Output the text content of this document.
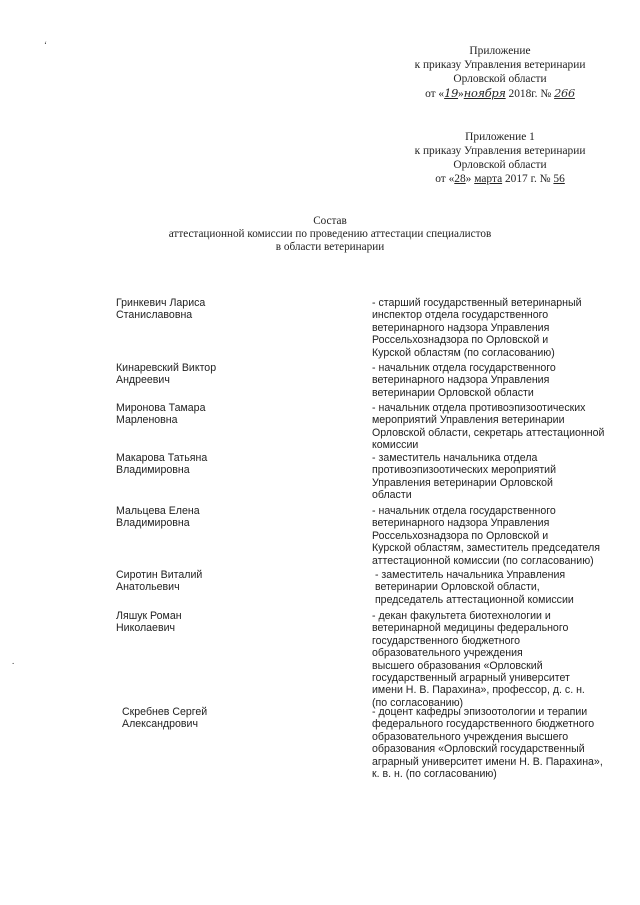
ʻ
.
Приложение
к приказу Управления ветеринарии
Орловской области
от «19»ноября 2018г. № 266
Приложение 1
к приказу Управления ветеринарии
Орловской области
от «28» марта 2017 г. № 56
Состав
аттестационной комиссии по проведению аттестации специалистов
в области ветеринарии
Гринкевич Лариса
Станиславовна
- старший государственный ветеринарный
инспектор отдела государственного
ветеринарного надзора Управления
Россельхознадзора по Орловской и
Курской областям (по согласованию)
Кинаревский Виктор
Андреевич
- начальник отдела государственного
ветеринарного надзора Управления
ветеринарии Орловской области
Миронова Тамара
Марленовна
- начальник отдела противоэпизоотических
мероприятий Управления ветеринарии
Орловской области, секретарь аттестационной
комиссии
Макарова Татьяна
Владимировна
- заместитель начальника отдела
противоэпизоотических мероприятий
Управления ветеринарии Орловской
области
Мальцева Елена
Владимировна
- начальник отдела государственного
ветеринарного надзора Управления
Россельхознадзора по Орловской и
Курской областям, заместитель председателя
аттестационной комиссии (по согласованию)
Сиротин Виталий
Анатольевич
- заместитель начальника Управления
ветеринарии Орловской области,
председатель аттестационной комиссии
Ляшук Роман
Николаевич
- декан факультета биотехнологии и
ветеринарной медицины федерального
государственного бюджетного
образовательного учреждения
высшего образования «Орловский
государственный аграрный университет
имени Н. В. Парахина», профессор, д. с. н.
(по согласованию)
Скребнев Сергей
Александрович
- доцент кафедры эпизоотологии и терапии
федерального государственного бюджетного
образовательного учреждения высшего
образования «Орловский государственный
аграрный университет имени Н. В. Парахина»,
к. в. н. (по согласованию)
